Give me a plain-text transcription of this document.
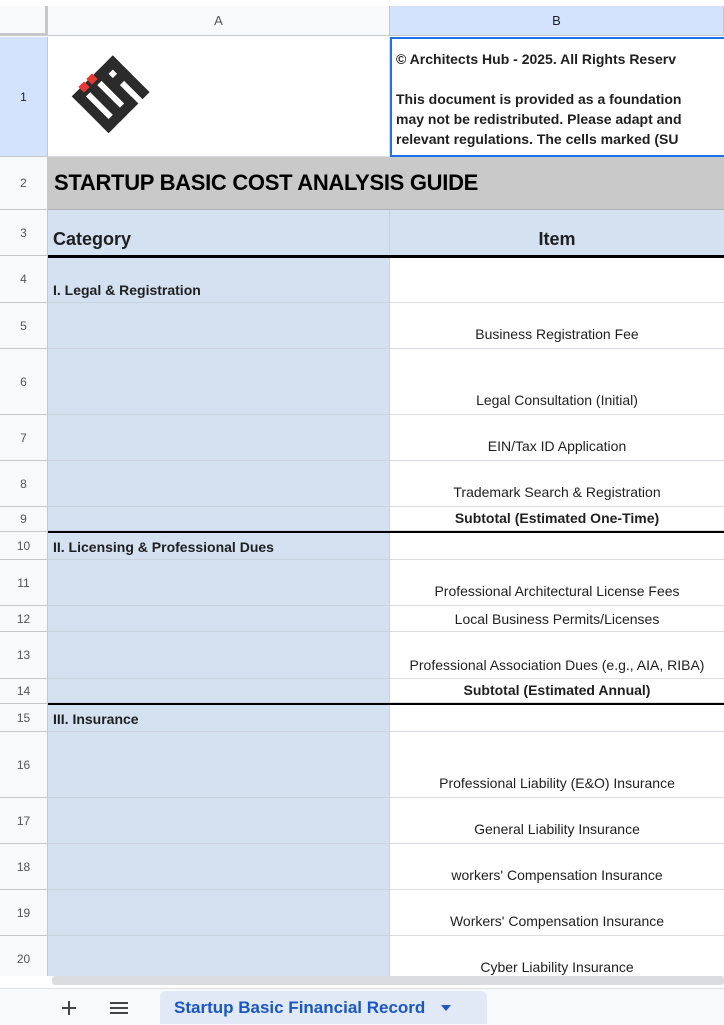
A	B
1
2
3
4
5
6
7
8
9
10
11
12
13
14
15
16
17
18
19
20

© Architects Hub - 2025. All Rights Reserv

This document is provided as a foundation

may not be redistributed. Please adapt and

relevant regulations. The cells marked (SU

STARTUP BASIC COST ANALYSIS GUIDE
Category	Item
I. Legal & Registration
Business Registration Fee
Legal Consultation (Initial)
EIN/Tax ID Application
Trademark Search & Registration
Subtotal (Estimated One-Time)
II. Licensing & Professional Dues
Professional Architectural License Fees
Local Business Permits/Licenses
Professional Association Dues (e.g., AIA, RIBA)
Subtotal (Estimated Annual)
III. Insurance
Professional Liability (E&O) Insurance
General Liability Insurance
workers' Compensation Insurance
Workers' Compensation Insurance
Cyber Liability Insurance
Startup Basic Financial Record
